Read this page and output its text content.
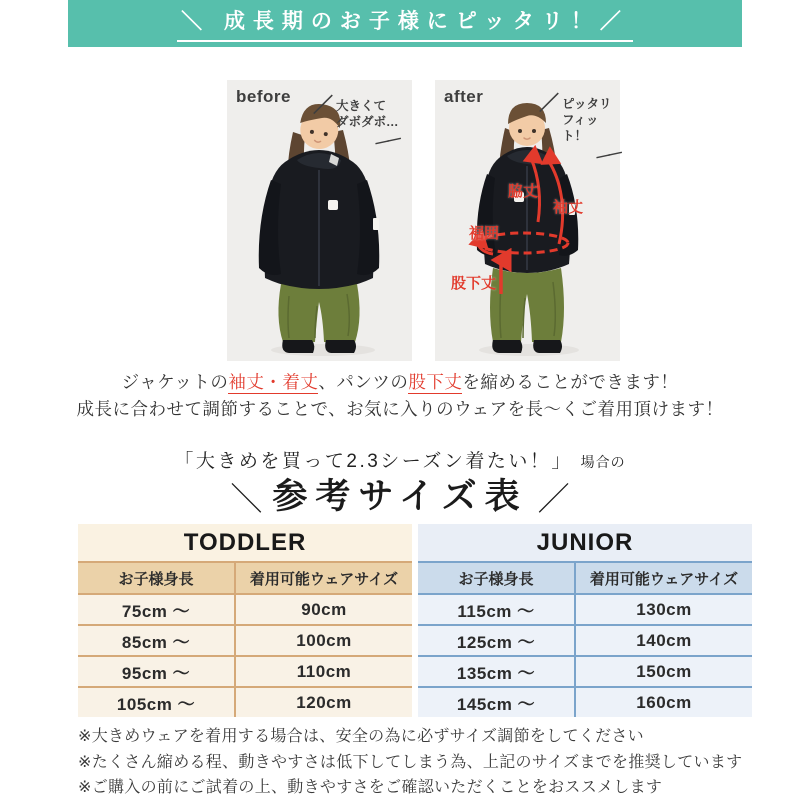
＼ 成長期のお子様にピッタリ！／
before ／ 大きくて
ダボダボ…
――
after	／ ピッタリ
フィット！
――
脇丈
袖丈
裾囲
股下丈
ジャケットの袖丈・着丈、パンツの股下丈を縮めることができます！
成長に合わせて調節することで、お気に入りのウェアを長～くご着用頂けます！
「大きめを買って2.3シーズン着たい！」 場合の
＼ 参考サイズ表 ／
TODDLER
お子様身長	着用可能ウェアサイズ
75cm ～	90cm
85cm ～	100cm
95cm ～	110cm
105cm ～	120cm
JUNIOR
お子様身長	着用可能ウェアサイズ
115cm ～	130cm
125cm ～	140cm
135cm ～	150cm
145cm ～	160cm
※大きめウェアを着用する場合は、安全の為に必ずサイズ調節をしてください
※たくさん縮める程、動きやすさは低下してしまう為、上記のサイズまでを推奨しています
※ご購入の前にご試着の上、動きやすさをご確認いただくことをおススメします
